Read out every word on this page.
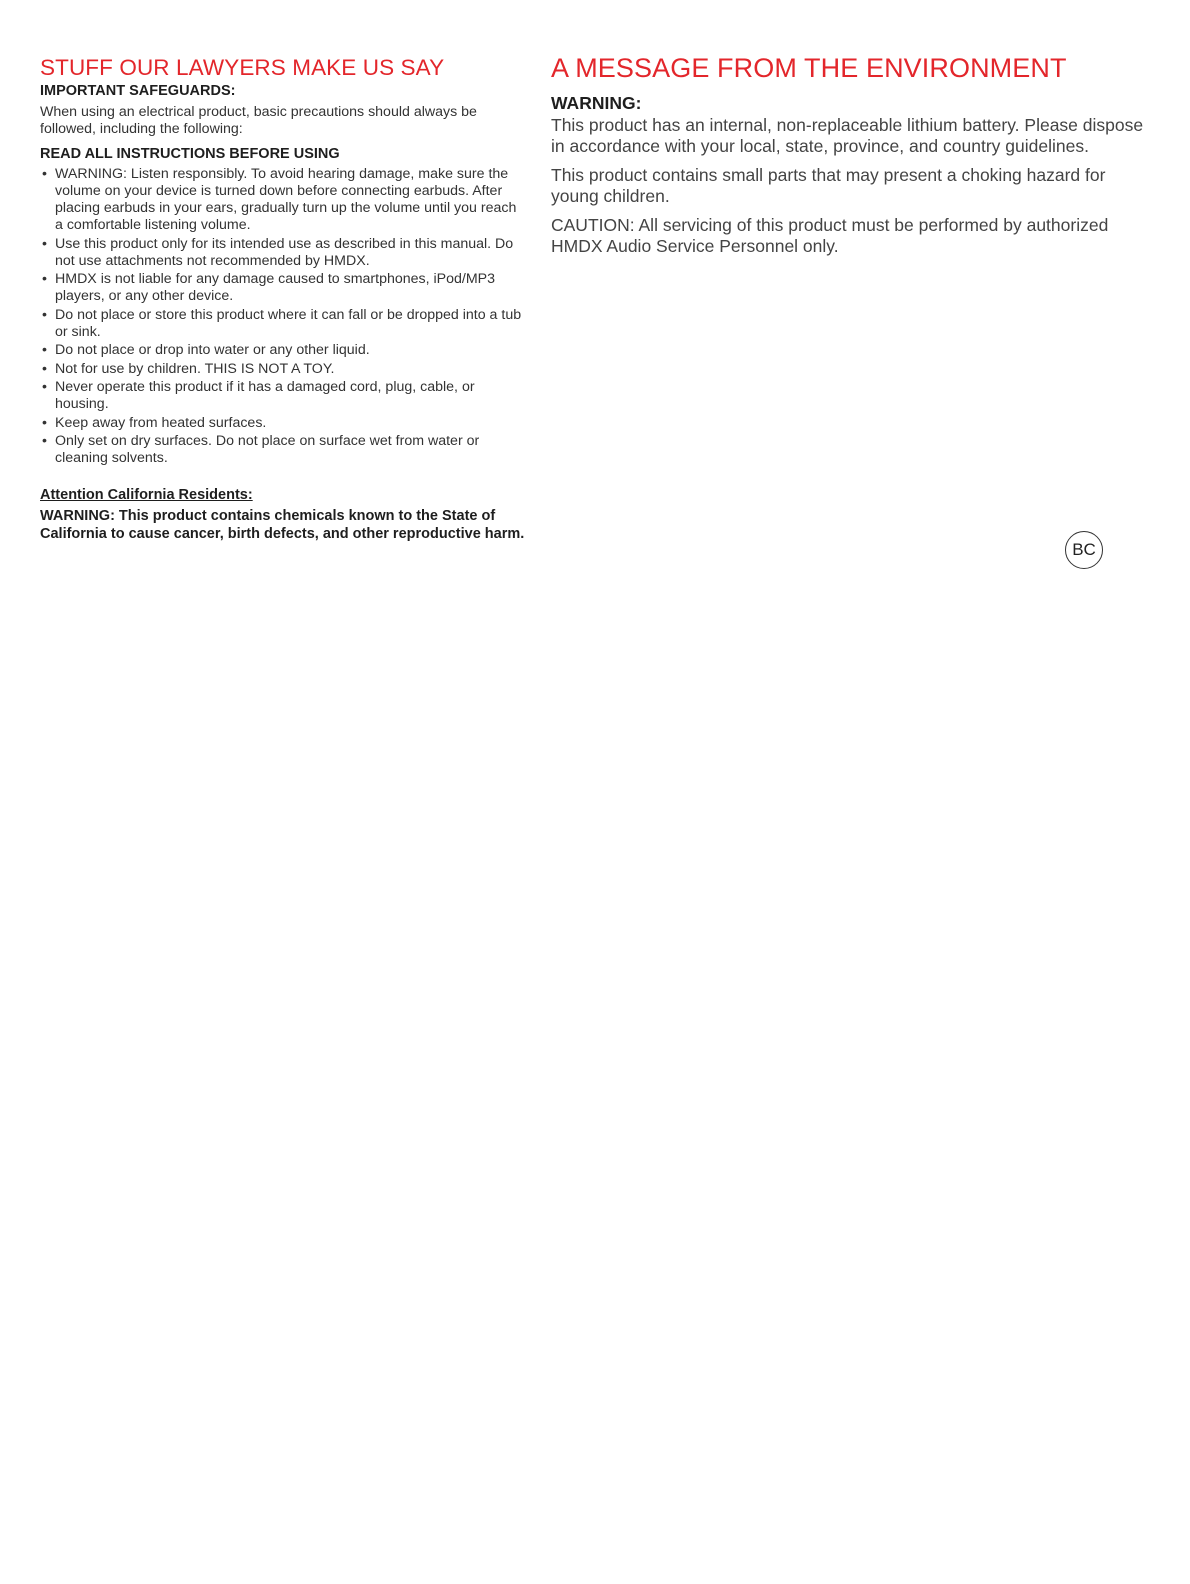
STUFF OUR LAWYERS MAKE US SAY
IMPORTANT SAFEGUARDS:

When using an electrical product, basic precautions should always be followed, including the following:

READ ALL INSTRUCTIONS BEFORE USING
• WARNING: Listen responsibly. To avoid hearing damage, make sure the volume on your device is turned down before connecting earbuds. After placing earbuds in your ears, gradually turn up the volume until you reach a comfortable listening volume.
• Use this product only for its intended use as described in this manual. Do not use attachments not recommended by HMDX.
• HMDX is not liable for any damage caused to smartphones, iPod/MP3 players, or any other device.
• Do not place or store this product where it can fall or be dropped into a tub or sink.
• Do not place or drop into water or any other liquid.
• Not for use by children. THIS IS NOT A TOY.
• Never operate this product if it has a damaged cord, plug, cable, or housing.
• Keep away from heated surfaces.
• Only set on dry surfaces. Do not place on surface wet from water or cleaning solvents.
Attention California Residents:

WARNING: This product contains chemicals known to the State of California to cause cancer, birth defects, and other reproductive harm.

A MESSAGE FROM THE ENVIRONMENT
WARNING:

This product has an internal, non-replaceable lithium battery. Please dispose in accordance with your local, state, province, and country guidelines.

This product contains small parts that may present a choking hazard for young children.

CAUTION: All servicing of this product must be performed by authorized HMDX Audio Service Personnel only.

BC
